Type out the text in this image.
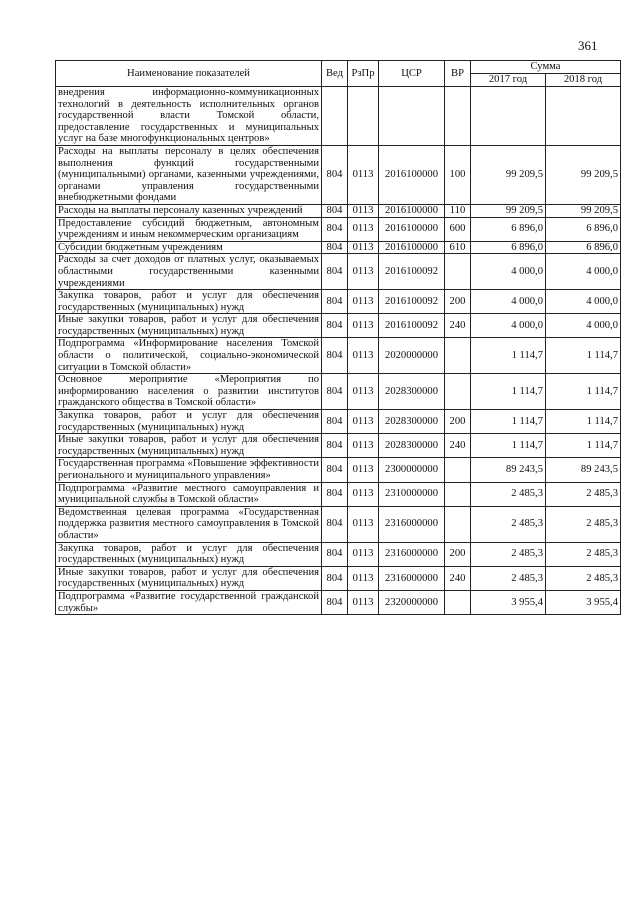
361
Наименование показателей	Вед	РзПр	ЦСР	ВР	Сумма	
					2017 год	2018 год
внедрения информационно-коммуникационных технологий в деятельность исполнительных органов государственной власти Томской области, предоставление государственных и муниципальных услуг на базе многофункциональных центров»						
Расходы на выплаты персоналу в целях обеспечения выполнения функций государственными (муниципальными) органами, казенными учреждениями, органами управления государственными внебюджетными фондами	804	0113	2016100000	100	99 209,5	99 209,5
Расходы на выплаты персоналу казенных учреждений	804	0113	2016100000	110	99 209,5	99 209,5
Предоставление субсидий бюджетным, автономным учреждениям и иным некоммерческим организациям	804	0113	2016100000	600	6 896,0	6 896,0
Субсидии бюджетным учреждениям	804	0113	2016100000	610	6 896,0	6 896,0
Расходы за счет доходов от платных услуг, оказываемых областными государственными казенными учреждениями	804	0113	2016100092		4 000,0	4 000,0
Закупка товаров, работ и услуг для обеспечения государственных (муниципальных) нужд	804	0113	2016100092	200	4 000,0	4 000,0
Иные закупки товаров, работ и услуг для обеспечения государственных (муниципальных) нужд	804	0113	2016100092	240	4 000,0	4 000,0
Подпрограмма «Информирование населения Томской области о политической, социально-экономической ситуации в Томской области»	804	0113	2020000000		1 114,7	1 114,7
Основное мероприятие «Мероприятия по информированию населения о развитии институтов гражданского общества в Томской области»	804	0113	2028300000		1 114,7	1 114,7
Закупка товаров, работ и услуг для обеспечения государственных (муниципальных) нужд	804	0113	2028300000	200	1 114,7	1 114,7
Иные закупки товаров, работ и услуг для обеспечения государственных (муниципальных) нужд	804	0113	2028300000	240	1 114,7	1 114,7
Государственная программа «Повышение эффективности регионального и муниципального управления»	804	0113	2300000000		89 243,5	89 243,5
Подпрограмма «Развитие местного самоуправления и муниципальной службы в Томской области»	804	0113	2310000000		2 485,3	2 485,3
Ведомственная целевая программа «Государственная поддержка развития местного самоуправления в Томской области»	804	0113	2316000000		2 485,3	2 485,3
Закупка товаров, работ и услуг для обеспечения государственных (муниципальных) нужд	804	0113	2316000000	200	2 485,3	2 485,3
Иные закупки товаров, работ и услуг для обеспечения государственных (муниципальных) нужд	804	0113	2316000000	240	2 485,3	2 485,3
Подпрограмма «Развитие государственной гражданской службы»	804	0113	2320000000		3 955,4	3 955,4
